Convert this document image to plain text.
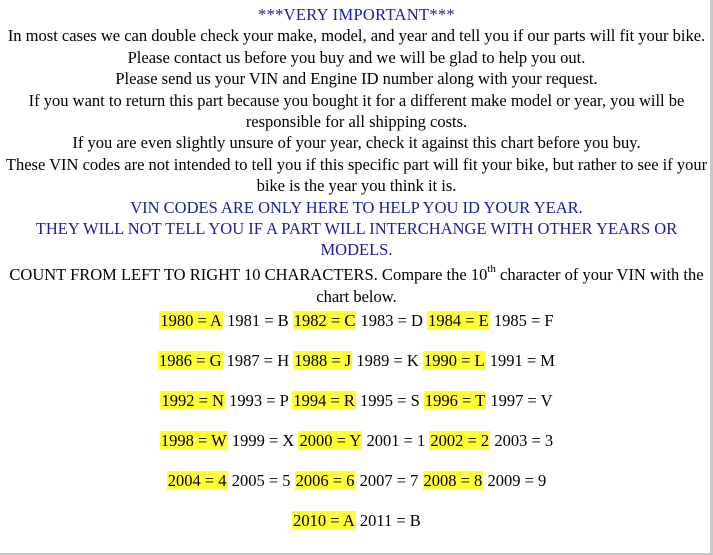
***VERY IMPORTANT***

In most cases we can double check your make, model, and year and tell you if our parts will fit your bike.

Please contact us before you buy and we will be glad to help you out.

Please send us your VIN and Engine ID number along with your request.

If you want to return this part because you bought it for a different make model or year, you will be responsible for all shipping costs.

If you are even slightly unsure of your year, check it against this chart before you buy.

These VIN codes are not intended to tell you if this specific part will fit your bike, but rather to see if your bike is the year you think it is.

VIN CODES ARE ONLY HERE TO HELP YOU ID YOUR YEAR.

THEY WILL NOT TELL YOU IF A PART WILL INTERCHANGE WITH OTHER YEARS OR MODELS.

COUNT FROM LEFT TO RIGHT 10 CHARACTERS. Compare the 10th character of your VIN with the chart below.

1980 = A 1981 = B 1982 = C 1983 = D 1984 = E 1985 = F
1986 = G 1987 = H 1988 = J 1989 = K 1990 = L 1991 = M
1992 = N 1993 = P 1994 = R 1995 = S 1996 = T 1997 = V
1998 = W 1999 = X 2000 = Y 2001 = 1 2002 = 2 2003 = 3
2004 = 4 2005 = 5 2006 = 6 2007 = 7 2008 = 8 2009 = 9
2010 = A 2011 = B
